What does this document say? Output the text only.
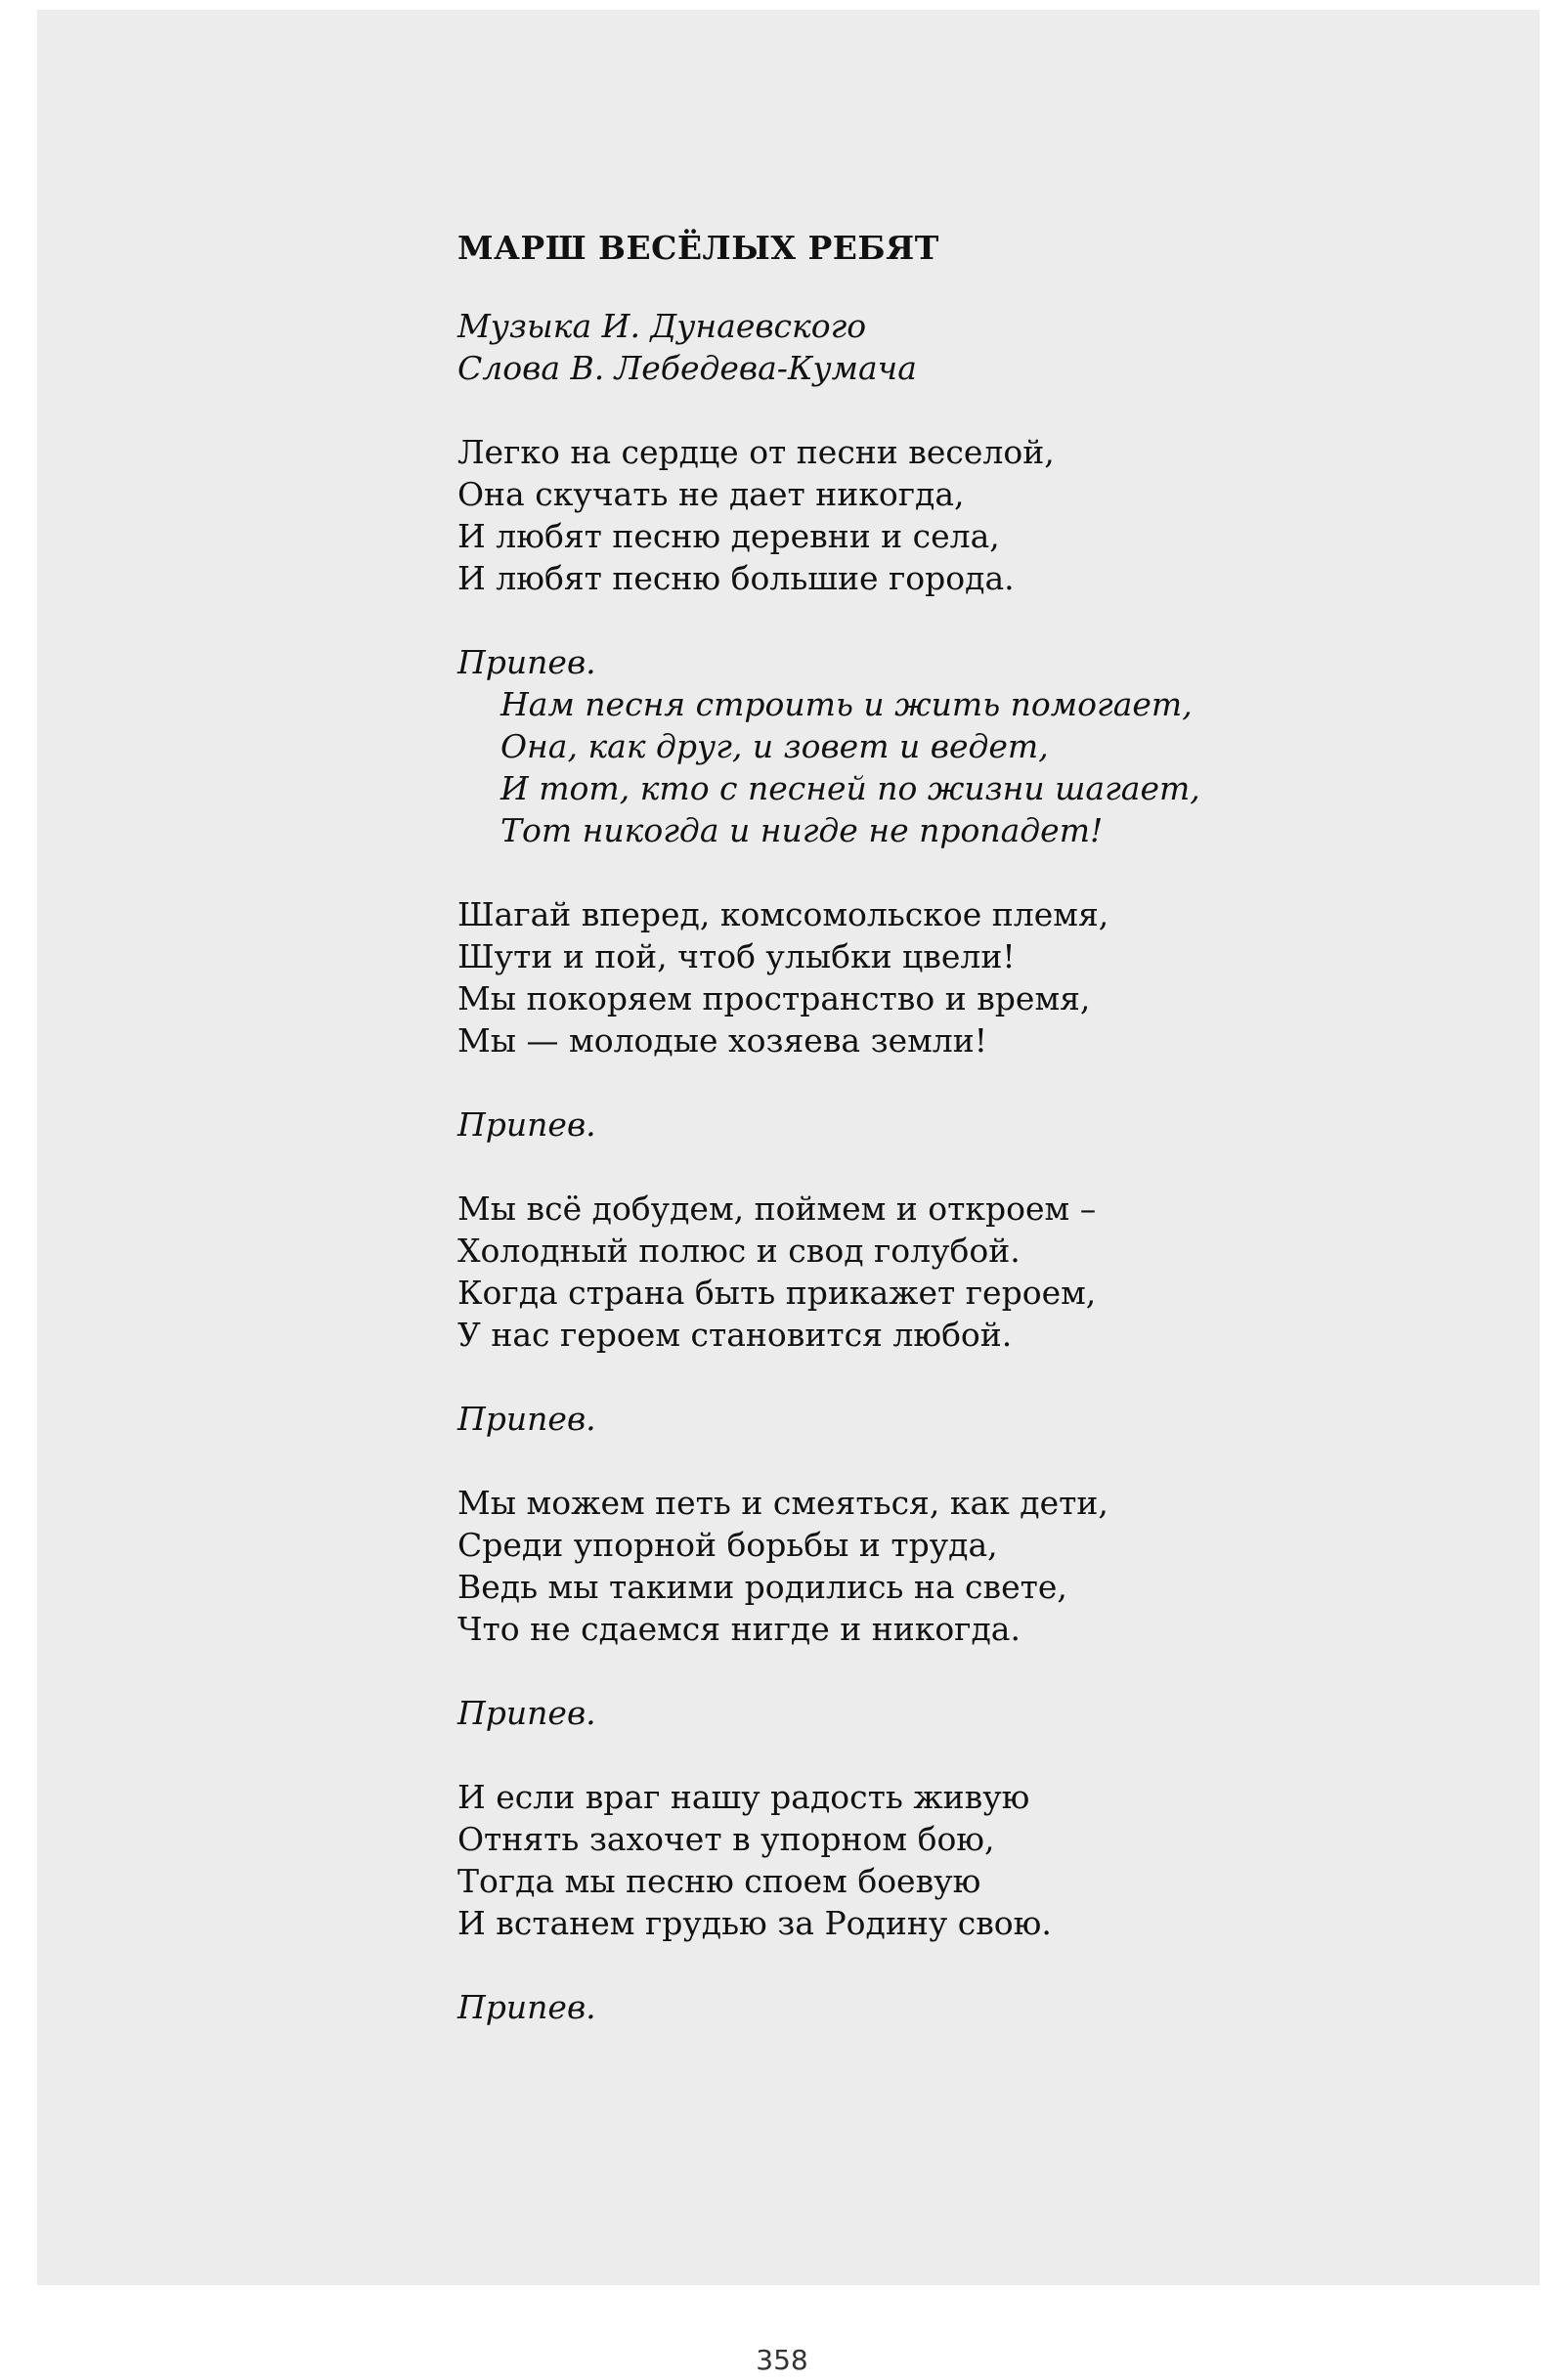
МАРШ ВЕСЁЛЫХ РЕБЯТ
Музыка И. Дунаевского
Слова В. Лебедева-Кумача
Легко на сердце от песни веселой,
Она скучать не дает никогда,
И любят песню деревни и села,
И любят песню большие города.
Припев.
Нам песня строить и жить помогает,
Она, как друг, и зовет и ведет,
И тот, кто с песней по жизни шагает,
Тот никогда и нигде не пропадет!
Шагай вперед, комсомольское племя,
Шути и пой, чтоб улыбки цвели!
Мы покоряем пространство и время,
Мы — молодые хозяева земли!
Припев.
Мы всё добудем, поймем и откроем –
Холодный полюс и свод голубой.
Когда страна быть прикажет героем,
У нас героем становится любой.
Припев.
Мы можем петь и смеяться, как дети,
Среди упорной борьбы и труда,
Ведь мы такими родились на свете,
Что не сдаемся нигде и никогда.
Припев.
И если враг нашу радость живую
Отнять захочет в упорном бою,
Тогда мы песню споем боевую
И встанем грудью за Родину свою.
Припев.
358
